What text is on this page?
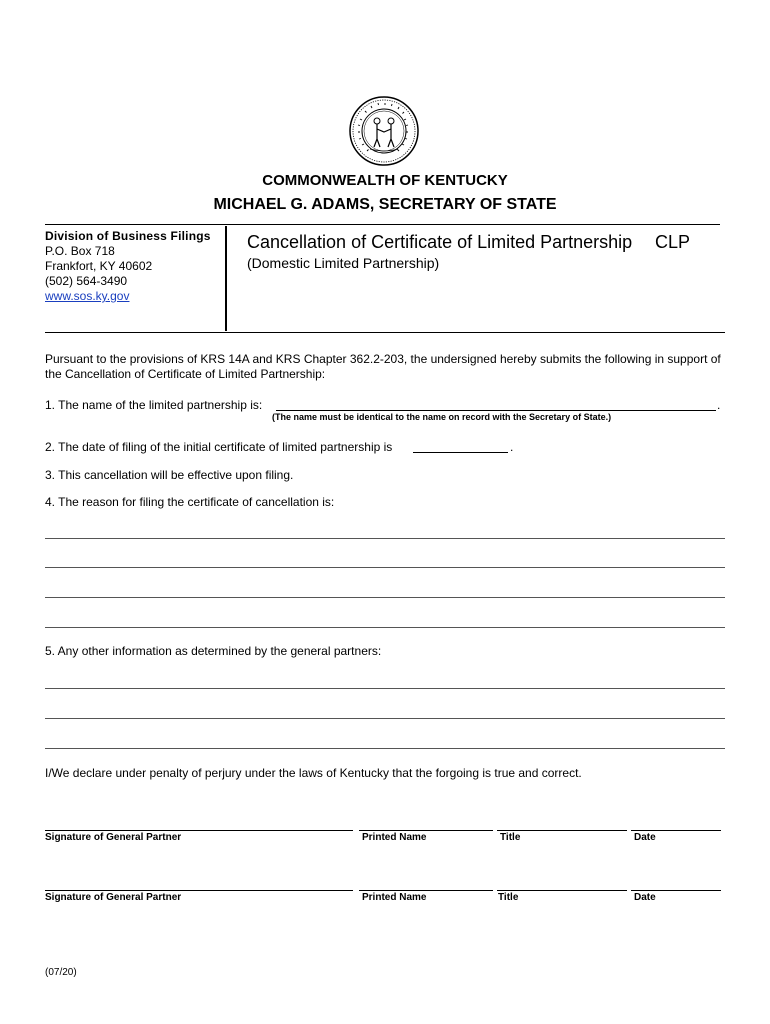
COMMONWEALTH OF KENTUCKY
MICHAEL G. ADAMS, SECRETARY OF STATE
Division of Business Filings
P.O. Box 718
Frankfort, KY 40602
(502) 564-3490
www.sos.ky.gov
Cancellation of Certificate of Limited Partnership
(Domestic Limited Partnership)
CLP
Pursuant to the provisions of KRS 14A and KRS Chapter 362.2-203, the undersigned hereby submits the following in support of the Cancellation of Certificate of Limited Partnership:
1. The name of the limited partnership is:	.
(The name must be identical to the name on record with the Secretary of State.)
2. The date of filing of the initial certificate of limited partnership is	.
3. This cancellation will be effective upon filing.
4. The reason for filing the certificate of cancellation is:
5. Any other information as determined by the general partners:
I/We declare under penalty of perjury under the laws of Kentucky that the forgoing is true and correct.
Signature of General Partner	Printed Name	Title	Date
Signature of General Partner	Printed Name	Title	Date
(07/20)
